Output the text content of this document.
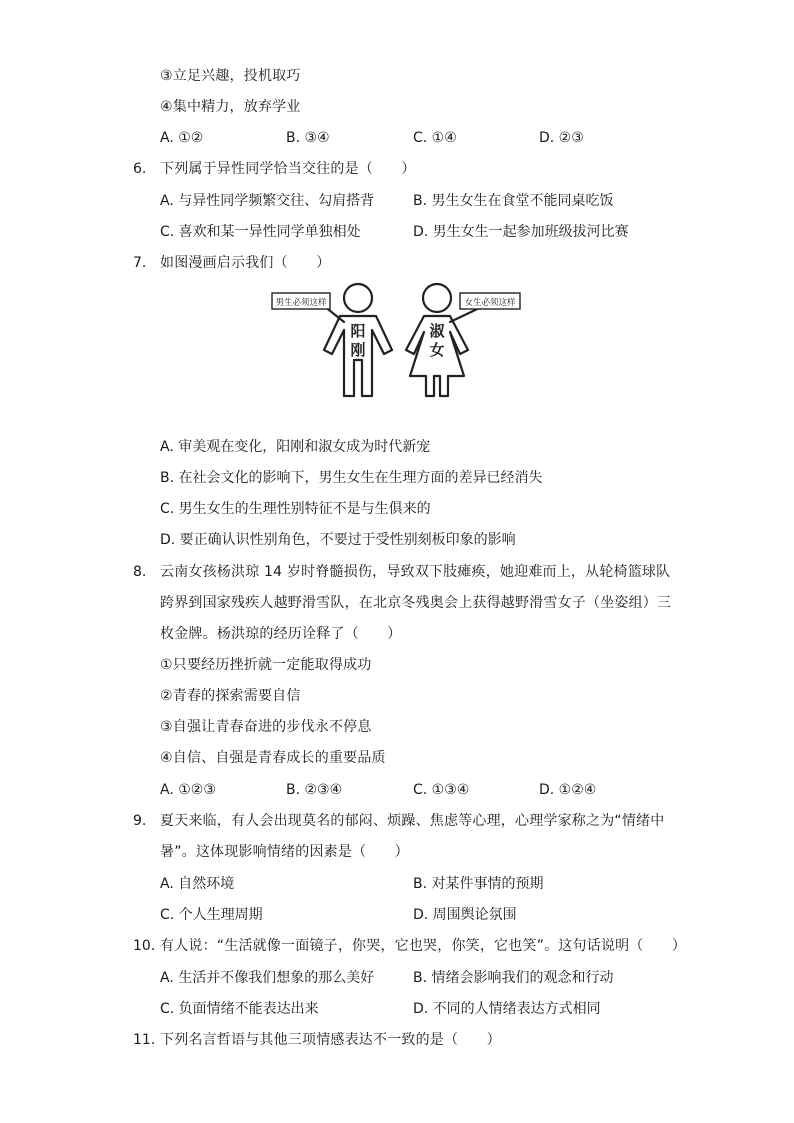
③立足兴趣，投机取巧
④集中精力，放弃学业
A. ①②	B. ③④	C. ①④	D. ②③
6. 下列属于异性同学恰当交往的是（　　）
A. 与异性同学频繁交往、勾肩搭背	B. 男生女生在食堂不能同桌吃饭
C. 喜欢和某一异性同学单独相处	D. 男生女生一起参加班级拔河比赛
7. 如图漫画启示我们（　　）
男生必须这样	女生必须这样
阳
刚
淑
女
A. 审美观在变化，阳刚和淑女成为时代新宠
B. 在社会文化的影响下，男生女生在生理方面的差异已经消失
C. 男生女生的生理性别特征不是与生俱来的
D. 要正确认识性别角色，不要过于受性别刻板印象的影响
8. 云南女孩杨洪琼 14 岁时脊髓损伤，导致双下肢瘫痪，她迎难而上，从轮椅篮球队
跨界到国家残疾人越野滑雪队，在北京冬残奥会上获得越野滑雪女子（坐姿组）三
枚金牌。杨洪琼的经历诠释了（　　）
①只要经历挫折就一定能取得成功
②青春的探索需要自信
③自强让青春奋进的步伐永不停息
④自信、自强是青春成长的重要品质
A. ①②③	B. ②③④	C. ①③④	D. ①②④
9. 夏天来临，有人会出现莫名的郁闷、烦躁、焦虑等心理，心理学家称之为“情绪中
暑”。这体现影响情绪的因素是（　　）
A. 自然环境	B. 对某件事情的预期
C. 个人生理周期	D. 周围舆论氛围
10. 有人说：“生活就像一面镜子，你哭，它也哭，你笑，它也笑”。这句话说明（　　）
A. 生活并不像我们想象的那么美好	B. 情绪会影响我们的观念和行动
C. 负面情绪不能表达出来	D. 不同的人情绪表达方式相同
11. 下列名言哲语与其他三项情感表达不一致的是（　　）
